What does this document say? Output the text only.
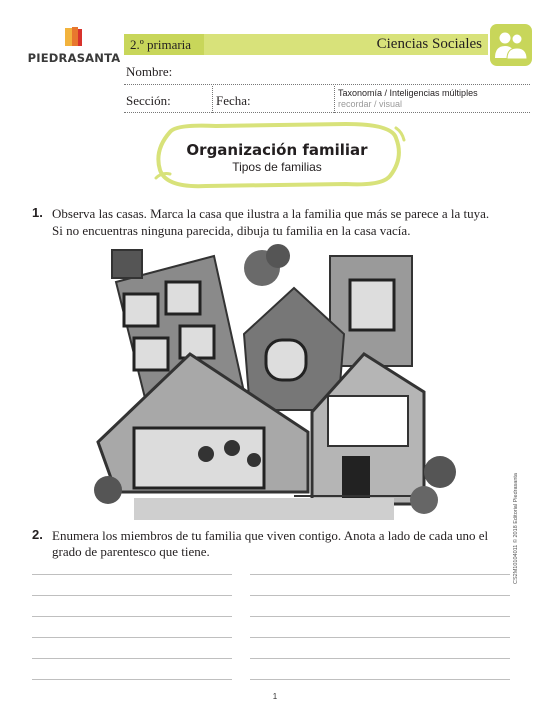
PIEDRASANTA
2.º primaria	Ciencias Sociales
Nombre:
Sección:	Fecha:	Taxonomía / Inteligencias múltiples
recordar / visual
Organización familiar
Tipos de familias
1. Observa las casas. Marca la casa que ilustra a la familia que más se parece a la tuya.
Si no encuentras ninguna parecida, dibuja tu familia en la casa vacía.
2. Enumera los miembros de tu familia que viven contigo. Anota a lado de cada uno el
grado de parentesco que tiene.	CS2M10104011 © 2018 Editorial Piedrasanta
1
